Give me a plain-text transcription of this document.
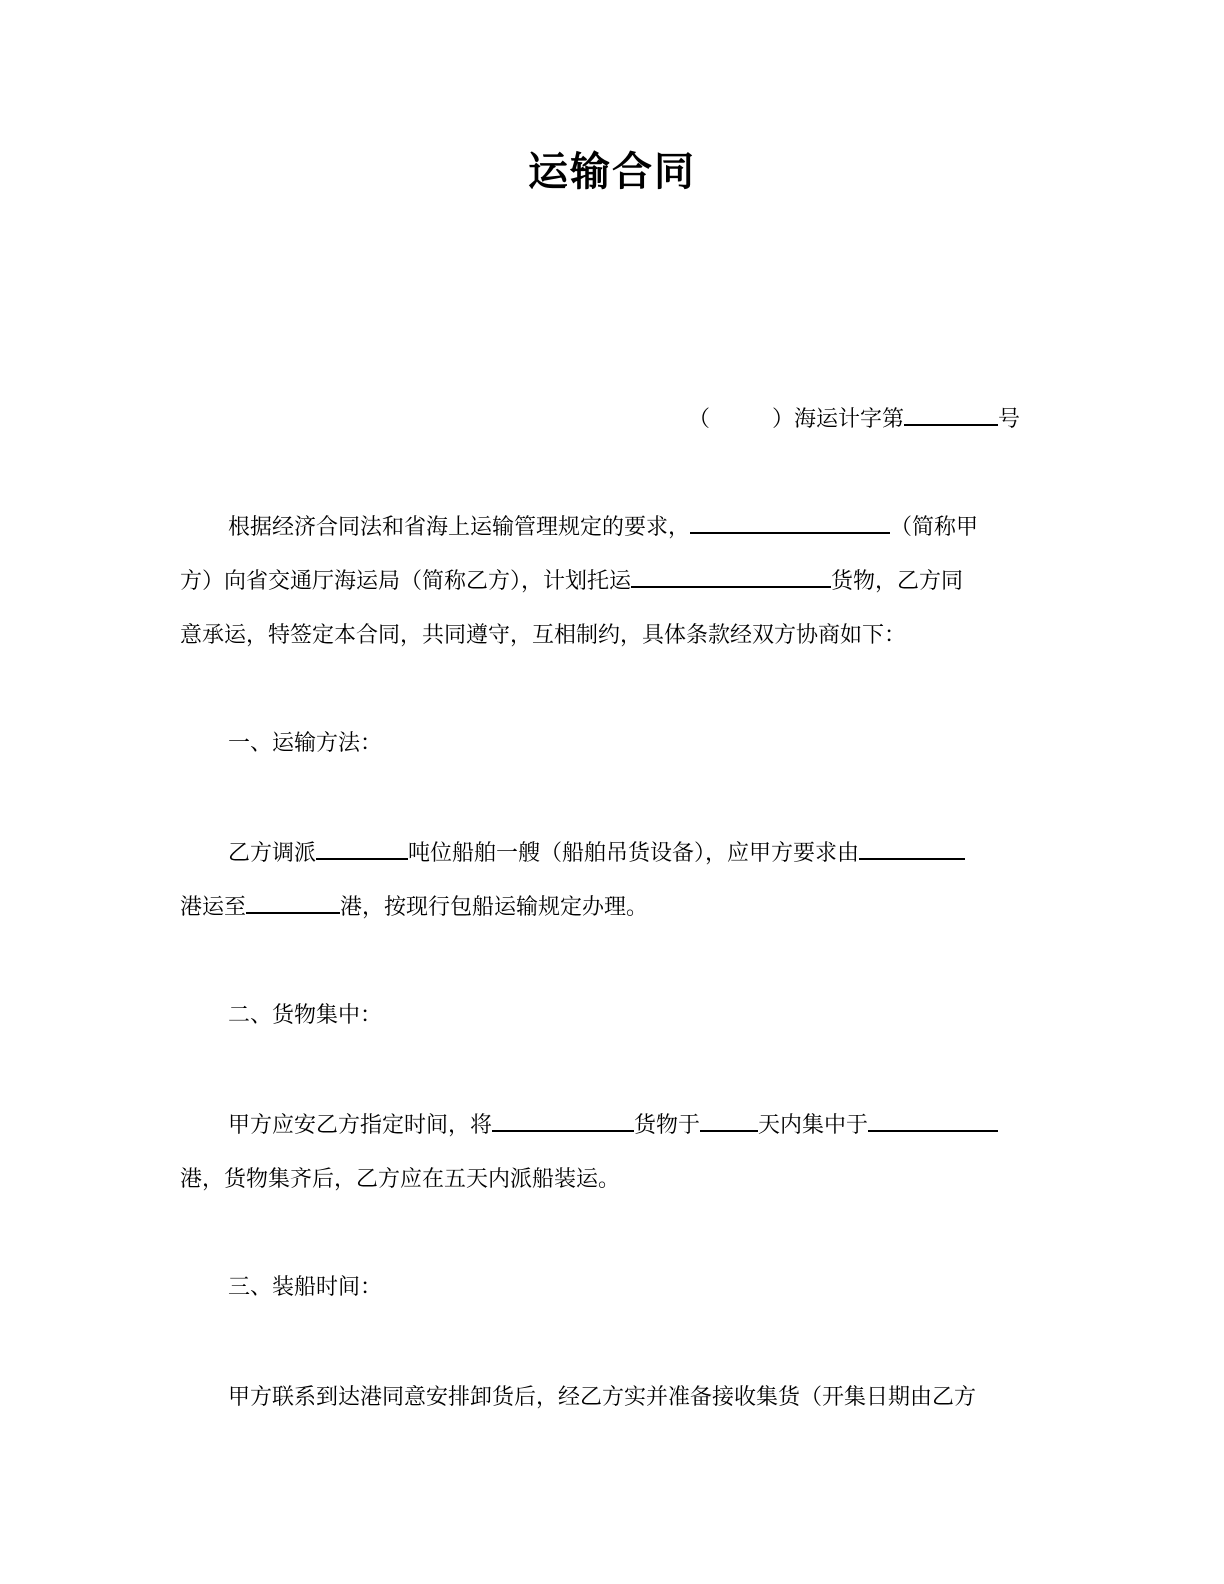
运输合同
（	）海运计字第	号
根据经济合同法和省海上运输管理规定的要求，	（简称甲
方）向省交通厅海运局（简称乙方），计划托运	货物，乙方同
意承运，特签定本合同，共同遵守，互相制约，具体条款经双方协商如下：
一、运输方法：
乙方调派	吨位船舶一艘（船舶吊货设备），应甲方要求由
港运至	港，按现行包船运输规定办理。
二、货物集中：
甲方应安乙方指定时间，将	货物于	天内集中于
港，货物集齐后，乙方应在五天内派船装运。
三、装船时间：
甲方联系到达港同意安排卸货后，经乙方实并准备接收集货（开集日期由乙方
